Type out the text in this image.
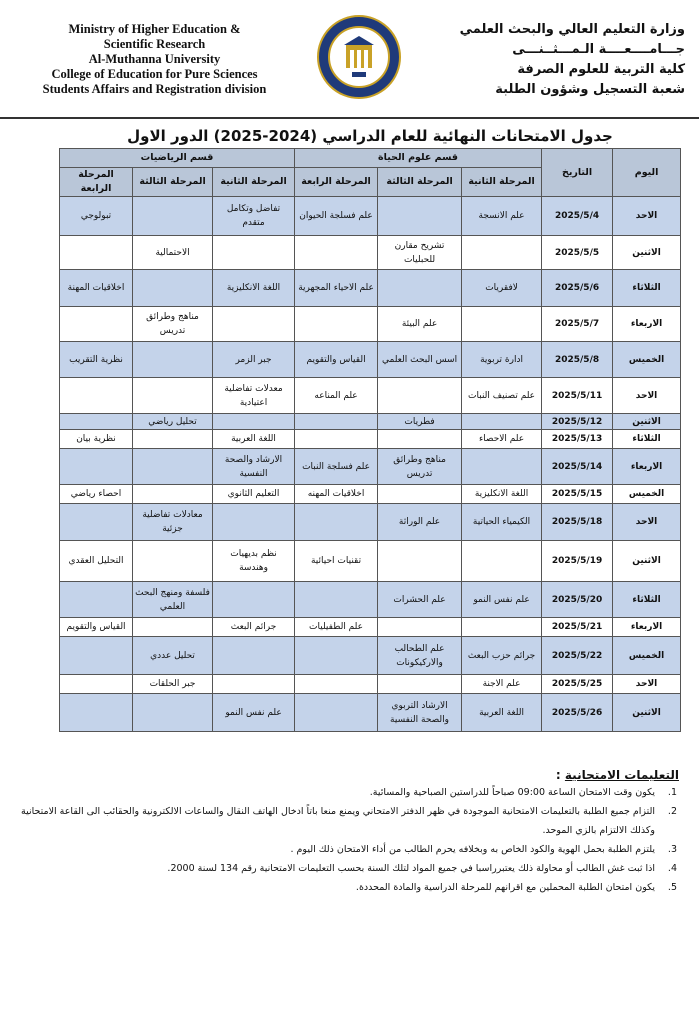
Ministry of Higher Education &
Scientific Research
Al-Muthanna University
College of Education for Pure Sciences
Students Affairs and Registration division
وزارة التعليم العالي والبحث العلمي
جـــامــــعــــة الـمـــثــنـــى
كلية التربية للعلوم الصرفة
شعبة التسجيل وشؤون الطلبة
جدول الامتحانات النهائية للعام الدراسي (2024-2025) الدور الاول
اليوم	التاريخ	قسم علوم الحياة			قسم الرياضيات		
		المرحلة الثانية	المرحلة الثالثة	المرحلة الرابعة	المرحلة الثانية	المرحلة الثالثة	المرحلة الرابعة
الاحد	2025/5/4	علم الانسجة		علم فسلجة الحيوان	تفاضل وتكامل متقدم		تبولوجي
الاثنين	2025/5/5		تشريح مقارن للحبليات			الاحتمالية	
الثلاثاء	2025/5/6	لافقريات		علم الاحياء المجهرية	اللغة الانكليزية		اخلاقيات المهنة
الاربعاء	2025/5/7		علم البيئة			مناهج وطرائق تدريس	
الخميس	2025/5/8	ادارة تربوية	اسس البحث العلمي	القياس والتقويم	جبر الزمر		نظرية التقريب
الاحد	2025/5/11	علم تصنيف النبات		علم المناعه	معدلات تفاضلية اعتيادية		
الاثنين	2025/5/12		فطريات			تحليل رياضي	
الثلاثاء	2025/5/13	علم الاحصاء			اللغة العربية		نظرية بيان
الاربعاء	2025/5/14		مناهج وطرائق تدريس	علم فسلجة النبات	الارشاد والصحة النفسية		
الخميس	2025/5/15	اللغة الانكليزية		اخلاقيات المهنه	التعليم الثانوي		احصاء رياضي
الاحد	2025/5/18	الكيمياء الحياتية	علم الوراثة			معادلات تفاضلية جزئية	
الاثنين	2025/5/19			تقنيات احيائية	نظم بديهيات وهندسة		التحليل العقدي
الثلاثاء	2025/5/20	علم نفس النمو	علم الحشرات			فلسفة ومنهج البحث العلمي	
الاربعاء	2025/5/21			علم الطفيليات	جرائم البعث		القياس والتقويم
الخميس	2025/5/22	جرائم حزب البعث	علم الطحالب والاركيكونات			تحليل عددي	
الاحد	2025/5/25	علم الاجنة				جبر الحلقات	
الاثنين	2025/5/26	اللغة العربية	الارشاد التربوي والصحة النفسية		علم نفس النمو		
التعليمات الامتحانية :
1.
يكون وقت الامتحان الساعة 09:00 صباحاً للدراستين الصباحية والمسائية.
2.
التزام جميع الطلبة بالتعليمات الامتحانية الموجودة في ظهر الدفتر الامتحاني ويمنع منعا باتاً ادخال الهاتف النقال والساعات الالكترونية والحقائب الى القاعة الامتحانية وكذلك الالتزام بالزي الموحد.
3.
يلتزم الطلبة بحمل الهوية والكود الخاص به وبخلافه يحرم الطالب من أداء الامتحان ذلك اليوم .
4.
اذا ثبت غش الطالب أو محاولة ذلك يعتبرراسبا في جميع المواد لتلك السنة بحسب التعليمات الامتحانية رقم 134 لسنة 2000.
5.
يكون امتحان الطلبة المحملين مع اقرانهم للمرحلة الدراسية والمادة المحددة.
